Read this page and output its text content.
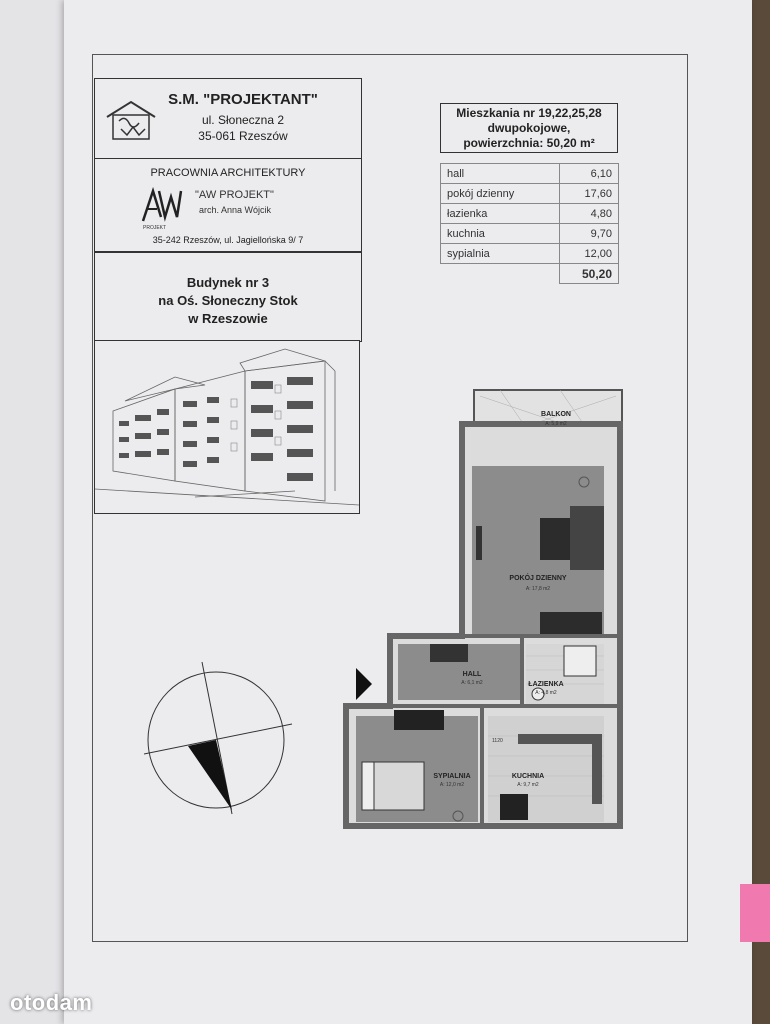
S.M. "PROJEKTANT"
ul. Słoneczna 2
35-061 Rzeszów
PRACOWNIA ARCHITEKTURY
PROJEKT
"AW PROJEKT"
arch. Anna Wójcik
35-242 Rzeszów, ul. Jagiellońska 9/ 7
Budynek nr 3
na Oś. Słoneczny Stok
w Rzeszowie
Mieszkania nr 19,22,25,28
dwupokojowe,
powierzchnia: 50,20 m²
hall	6,10
pokój dzienny	17,60
łazienka	4,80
kuchnia	9,70
sypialnia	12,00
	50,20
BALKON
A: 5,9 m2
POKÓJ DZIENNY
A: 17,8 m2
HALL
A: 6,1 m2	ŁAZIENKA
A: 4,8 m2
SYPIALNIA
A: 12,0 m2
KUCHNIA
A: 9,7 m2
1120
otodam
